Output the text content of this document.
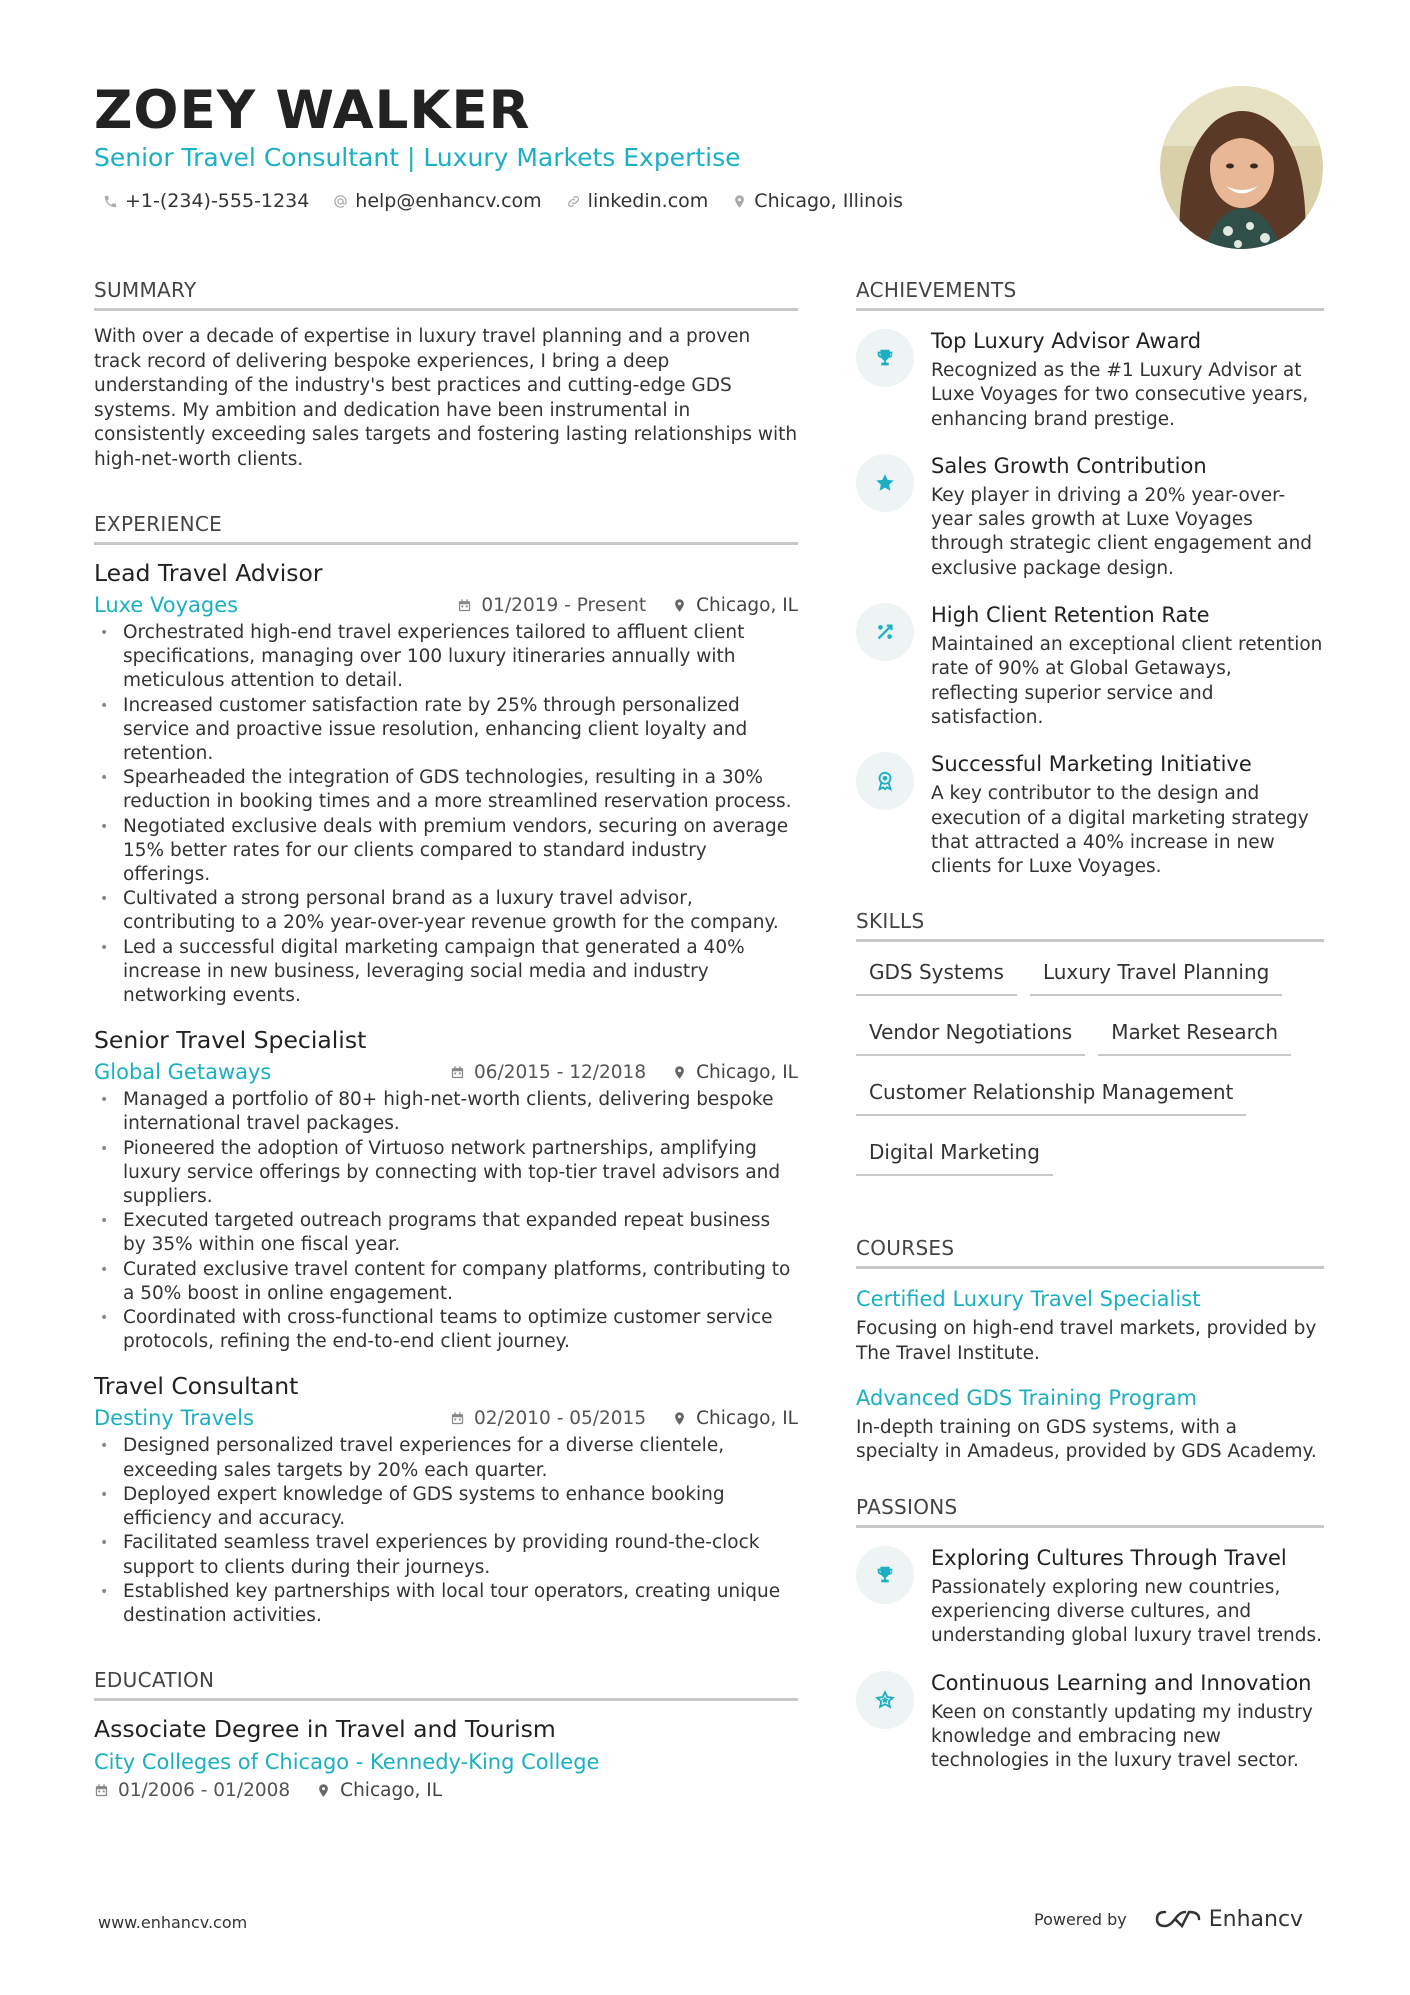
ZOEY WALKER
Senior Travel Consultant | Luxury Markets Expertise
+1-(234)-555-1234 help@enhancv.com linkedin.com Chicago, Illinois
SUMMARY

With over a decade of expertise in luxury travel planning and a proven track record of delivering bespoke experiences, I bring a deep understanding of the industry's best practices and cutting-edge GDS systems. My ambition and dedication have been instrumental in consistently exceeding sales targets and fostering lasting relationships with high-net-worth clients.

EXPERIENCE
Lead Travel Advisor
Luxe Voyages	01/2019 - Present	Chicago, IL
• Orchestrated high-end travel experiences tailored to affluent client specifications, managing over 100 luxury itineraries annually with meticulous attention to detail.
• Increased customer satisfaction rate by 25% through personalized service and proactive issue resolution, enhancing client loyalty and retention.
• Spearheaded the integration of GDS technologies, resulting in a 30% reduction in booking times and a more streamlined reservation process.
• Negotiated exclusive deals with premium vendors, securing on average 15% better rates for our clients compared to standard industry offerings.
• Cultivated a strong personal brand as a luxury travel advisor, contributing to a 20% year-over-year revenue growth for the company.
• Led a successful digital marketing campaign that generated a 40% increase in new business, leveraging social media and industry networking events.
Senior Travel Specialist
Global Getaways	06/2015 - 12/2018	Chicago, IL
• Managed a portfolio of 80+ high-net-worth clients, delivering bespoke international travel packages.
• Pioneered the adoption of Virtuoso network partnerships, amplifying luxury service offerings by connecting with top-tier travel advisors and suppliers.
• Executed targeted outreach programs that expanded repeat business by 35% within one fiscal year.
• Curated exclusive travel content for company platforms, contributing to a 50% boost in online engagement.
• Coordinated with cross-functional teams to optimize customer service protocols, refining the end-to-end client journey.
Travel Consultant
Destiny Travels	02/2010 - 05/2015	Chicago, IL
• Designed personalized travel experiences for a diverse clientele, exceeding sales targets by 20% each quarter.
• Deployed expert knowledge of GDS systems to enhance booking efficiency and accuracy.
• Facilitated seamless travel experiences by providing round-the-clock support to clients during their journeys.
• Established key partnerships with local tour operators, creating unique destination activities.
EDUCATION
Associate Degree in Travel and Tourism
City Colleges of Chicago - Kennedy-King College
01/2006 - 01/2008	Chicago, IL
ACHIEVEMENTS
Top Luxury Advisor Award
Recognized as the #1 Luxury Advisor at Luxe Voyages for two consecutive years, enhancing brand prestige.
Sales Growth Contribution
Key player in driving a 20% year-over-year sales growth at Luxe Voyages through strategic client engagement and exclusive package design.
High Client Retention Rate
Maintained an exceptional client retention rate of 90% at Global Getaways, reflecting superior service and satisfaction.
Successful Marketing Initiative
A key contributor to the design and execution of a digital marketing strategy that attracted a 40% increase in new clients for Luxe Voyages.
SKILLS
GDS Systems	Luxury Travel Planning
Vendor Negotiations	Market Research
Customer Relationship Management
Digital Marketing
COURSES
Certified Luxury Travel Specialist
Focusing on high-end travel markets, provided by The Travel Institute.
Advanced GDS Training Program
In-depth training on GDS systems, with a specialty in Amadeus, provided by GDS Academy.
PASSIONS
Exploring Cultures Through Travel
Passionately exploring new countries, experiencing diverse cultures, and understanding global luxury travel trends.
Continuous Learning and Innovation
Keen on constantly updating my industry knowledge and embracing new technologies in the luxury travel sector.
www.enhancv.com	Powered by	Enhancv
